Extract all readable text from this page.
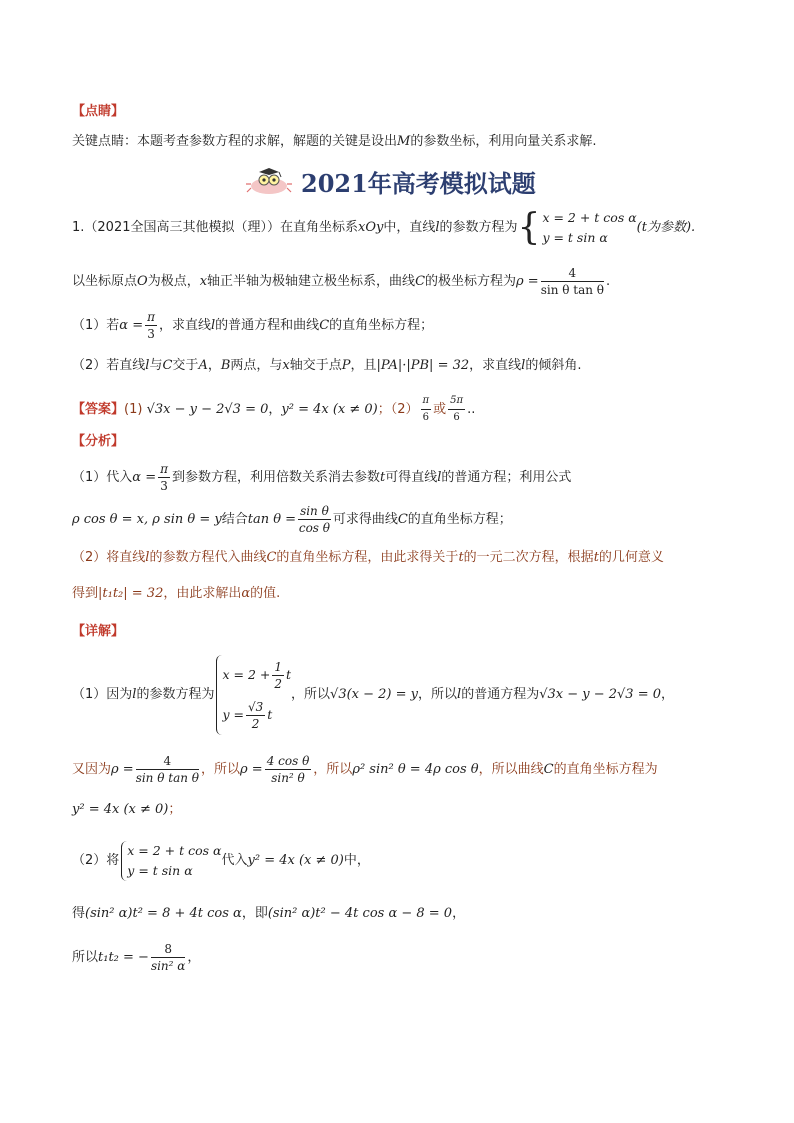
【点睛】
关键点睛：本题考查参数方程的求解，解题的关键是设出M的参数坐标，利用向量关系求解.
2021年高考模拟试题
1.（2021全国高三其他模拟（理））在直角坐标系xOy中，直线l的参数方程为{ x = 2 + t cos α
y = t sin α
(t为参数).
以坐标原点O为极点，x轴正半轴为极轴建立极坐标系，曲线C的极坐标方程为$\rho = \frac{4}{\text{sin θ tan θ}}$ .
（1）若$\alpha = \frac{\pi}{3}$ ，求直线l的普通方程和曲线C的直角坐标方程；
（2）若直线l与C交于A，B两点，与x轴交于点P，且|PA|·|PB| = 32，求直线l的倾斜角.
【答案】(1) √3x − y − 2√3 = 0，y² = 4x (x ≠ 0)；$(2) \frac{\pi}{6}$ 或 $\frac{5\pi}{6}$ ..
【分析】
（1）代入$\alpha = \frac{\pi}{3}$ 到参数方程，利用倍数关系消去参数t可得直线l的普通方程；利用公式
ρ cos θ = x, ρ sin θ = y结合$\tan \theta = \frac{\text{sin θ}}{\text{cos θ}}$ 可求得曲线C的直角坐标方程；
（2）将直线l的参数方程代入曲线C的直角坐标方程，由此求得关于t的一元二次方程，根据t的几何意义
得到|t₁t₂| = 32，由此求解出α的值.
【详解】
（1）因为l的参数方程为
$x = 2 + \frac{1}{2}$ t
$y = \frac{√3}{2}$ t
，所以√3(x − 2) = y，所以l的普通方程为√3x − y − 2√3 = 0，
又因为$\rho = \frac{4}{\text{sin θ tan θ}}$ ，所以$\rho = \frac{\text{4 cos θ}}{\text{sin² θ}}$ ，所以ρ² sin² θ = 4ρ cos θ，所以曲线C的直角坐标方程为
y² = 4x (x ≠ 0)；
（2）将
x = 2 + t cos α
y = t sin α
代入y² = 4x (x ≠ 0)中，
得(sin² α)t² = 8 + 4t cos α，即(sin² α)t² − 4t cos α − 8 = 0，
所以t₁t₂ = − $\frac{8}{\text{sin² α}}$ ，
